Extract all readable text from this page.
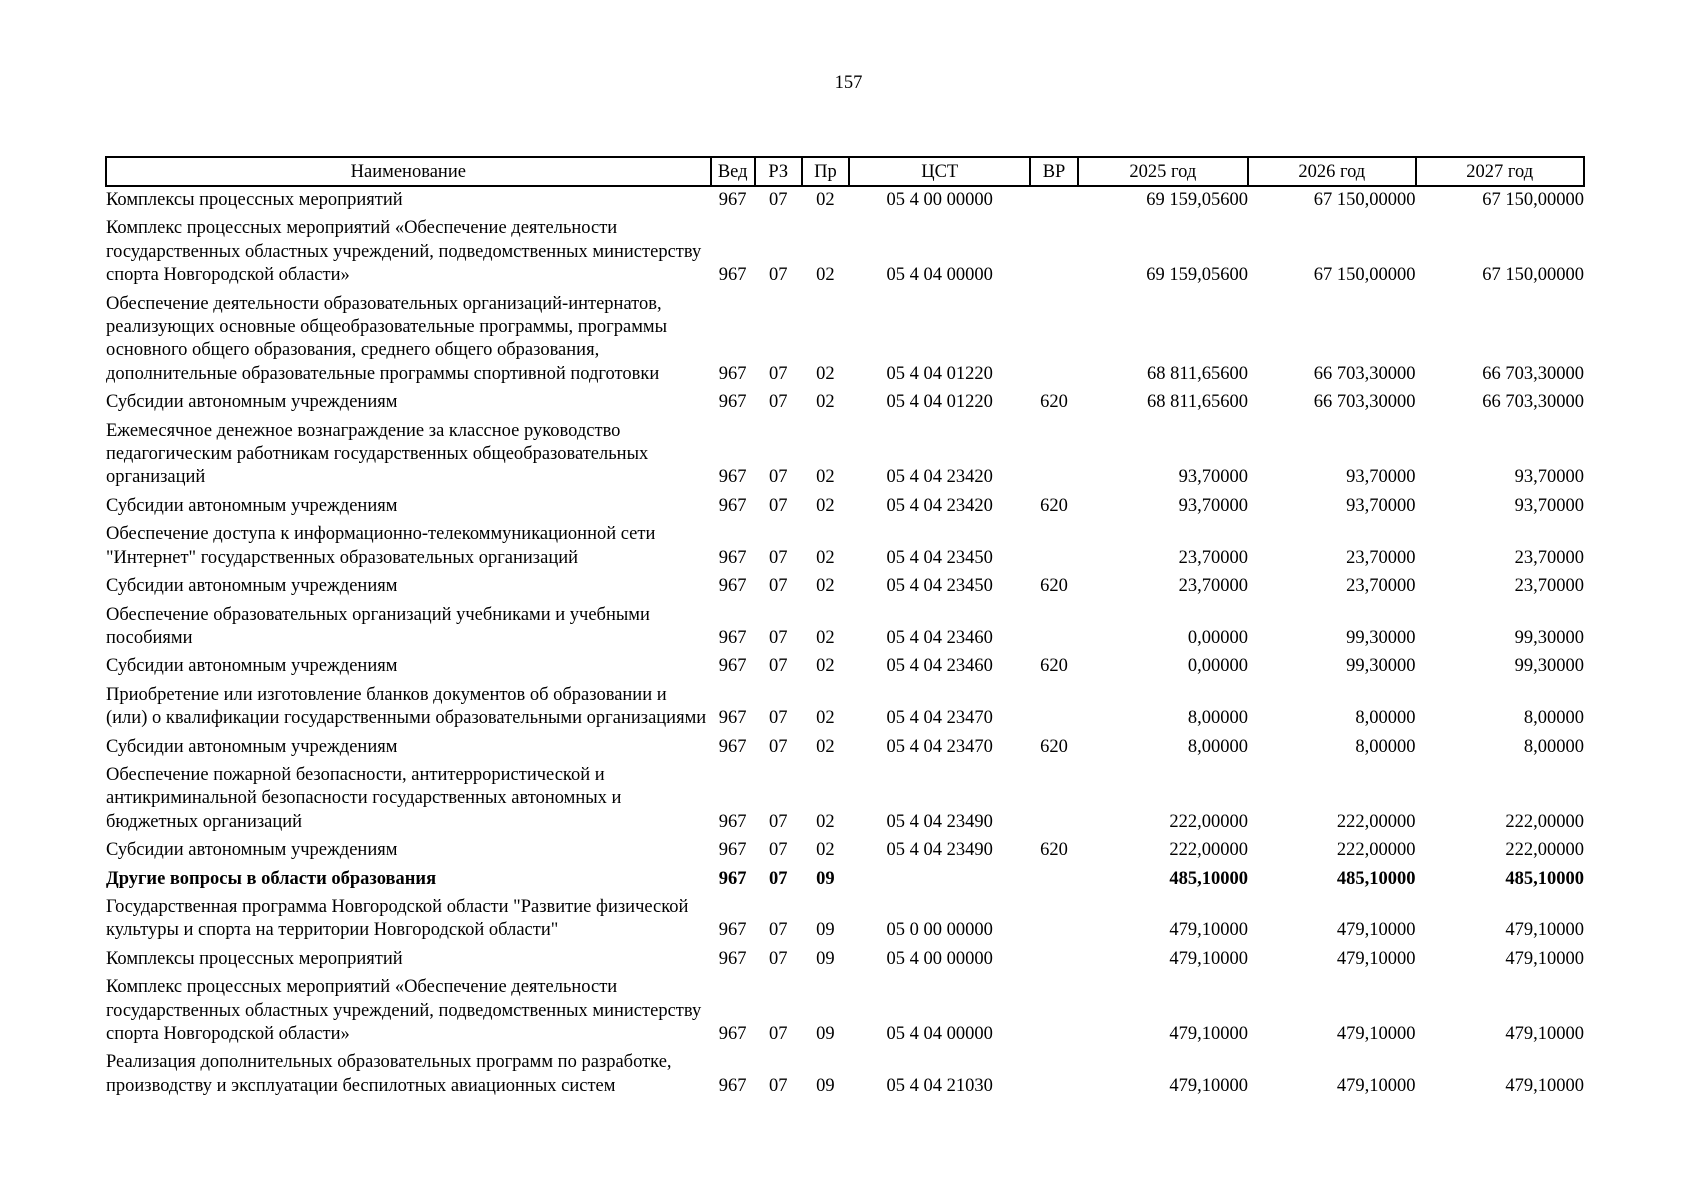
157
Наименование	Вед	РЗ	Пр	ЦСТ	ВР	2025 год	2026 год	2027 год
Комплексы процессных мероприятий	967	07	02	05 4 00 00000		69 159,05600	67 150,00000	67 150,00000
Комплекс процессных мероприятий «Обеспечение деятельности государственных областных учреждений, подведомственных министерству спорта Новгородской области»	967	07	02	05 4 04 00000		69 159,05600	67 150,00000	67 150,00000
Обеспечение деятельности образовательных организаций-интернатов, реализующих основные общеобразовательные программы, программы основного общего образования, среднего общего образования, дополнительные образовательные программы спортивной подготовки	967	07	02	05 4 04 01220		68 811,65600	66 703,30000	66 703,30000
Субсидии автономным учреждениям	967	07	02	05 4 04 01220	620	68 811,65600	66 703,30000	66 703,30000
Ежемесячное денежное вознаграждение за классное руководство педагогическим работникам государственных общеобразовательных организаций	967	07	02	05 4 04 23420		93,70000	93,70000	93,70000
Субсидии автономным учреждениям	967	07	02	05 4 04 23420	620	93,70000	93,70000	93,70000
Обеспечение доступа к информационно-телекоммуникационной сети "Интернет" государственных образовательных организаций	967	07	02	05 4 04 23450		23,70000	23,70000	23,70000
Субсидии автономным учреждениям	967	07	02	05 4 04 23450	620	23,70000	23,70000	23,70000
Обеспечение образовательных организаций учебниками и учебными пособиями	967	07	02	05 4 04 23460		0,00000	99,30000	99,30000
Субсидии автономным учреждениям	967	07	02	05 4 04 23460	620	0,00000	99,30000	99,30000
Приобретение или изготовление бланков документов об образовании и (или) о квалификации государственными образовательными организациями	967	07	02	05 4 04 23470		8,00000	8,00000	8,00000
Субсидии автономным учреждениям	967	07	02	05 4 04 23470	620	8,00000	8,00000	8,00000
Обеспечение пожарной безопасности, антитеррористической и антикриминальной безопасности государственных автономных и бюджетных организаций	967	07	02	05 4 04 23490		222,00000	222,00000	222,00000
Субсидии автономным учреждениям	967	07	02	05 4 04 23490	620	222,00000	222,00000	222,00000
Другие вопросы в области образования	967	07	09			485,10000	485,10000	485,10000
Государственная программа Новгородской области "Развитие физической культуры и спорта на территории Новгородской области"	967	07	09	05 0 00 00000		479,10000	479,10000	479,10000
Комплексы процессных мероприятий	967	07	09	05 4 00 00000		479,10000	479,10000	479,10000
Комплекс процессных мероприятий «Обеспечение деятельности государственных областных учреждений, подведомственных министерству спорта Новгородской области»	967	07	09	05 4 04 00000		479,10000	479,10000	479,10000
Реализация дополнительных образовательных программ по разработке, производству и эксплуатации беспилотных авиационных систем	967	07	09	05 4 04 21030		479,10000	479,10000	479,10000
